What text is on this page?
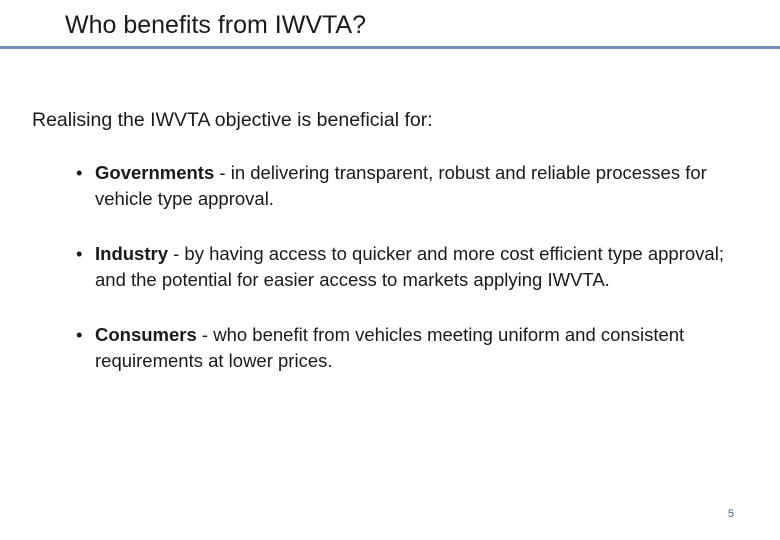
Who benefits from IWVTA?
Realising the IWVTA objective is beneficial for:
• Governments - in delivering transparent, robust and reliable processes for vehicle type approval.
• Industry - by having access to quicker and more cost efficient type approval; and the potential for easier access to markets applying IWVTA.
• Consumers - who benefit from vehicles meeting uniform and consistent requirements at lower prices.
5
